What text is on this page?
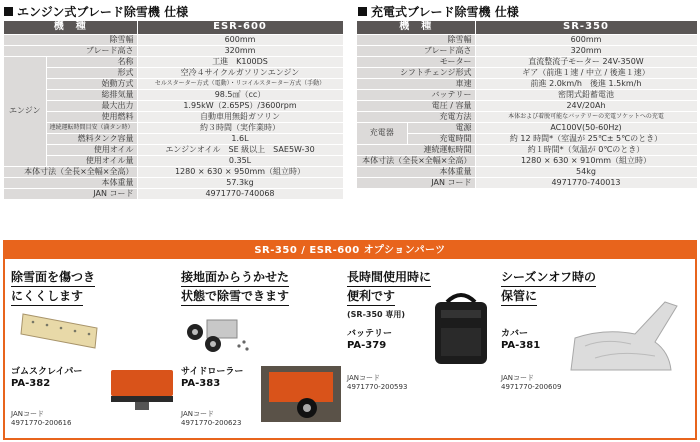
エンジン式ブレード除雪機 仕様
機　種		ESR-600
除雪幅		600mm
ブレード高さ		320mm
エンジン	名称	工進　K100DS
	形式	空冷４サイクルガソリンエンジン
	始動方式	セルスターター方式（電動）・リコイルスターター方式（手動）
	総排気量	98.5㎤（cc）
	最大出力	1.95kW（2.65PS）/3600rpm
	使用燃料	自動車用無鉛ガソリン
	連続運転時間目安（満タン時）	約３時間（実作業時）
	燃料タンク容量	1.6L
	使用オイル	エンジンオイル　SE 級以上　SAE5W-30
	使用オイル量	0.35L
本体寸法（全長×全幅×全高）		1280 × 630 × 950mm（組立時）
本体重量		57.3kg
JAN コード		4971770-740068
充電式ブレード除雪機 仕様
機　種		SR-350
除雪幅		600mm
ブレード高さ		320mm
モーター		直流整流子モーター 24V-350W
シフトチェンジ形式		ギア（前進１速 / 中立 / 後進１速）
車速		前進 2.0km/h　後進 1.5km/h
バッテリー		密閉式鉛蓄電池
電圧 / 容量		24V/20Ah
充電方法		本体および着脱可能なバッテリーの充電ソケットへの充電
充電器	電源	AC100V(50-60Hz)
	充電時間	約 12 時間*（室温が 25℃± 5℃のとき）
連続運転時間		約１時間*（気温が 0℃のとき）
本体寸法（全長×全幅×全高）		1280 × 630 × 910mm（組立時）
本体重量		54kg
JAN コード		4971770-740013
SR-350 / ESR-600 オプションパーツ
除雪面を傷つき
にくくします
ゴムスクレイパー
PA-382
JANコード
4971770-200616
接地面からうかせた
状態で除雪できます
サイドローラー
PA-383
JANコード
4971770-200623
長時間使用時に
便利です
(SR-350 専用)
バッテリー
PA-379
JANコード
4971770-200593
シーズンオフ時の
保管に
カバー
PA-381
JANコード
4971770-200609
